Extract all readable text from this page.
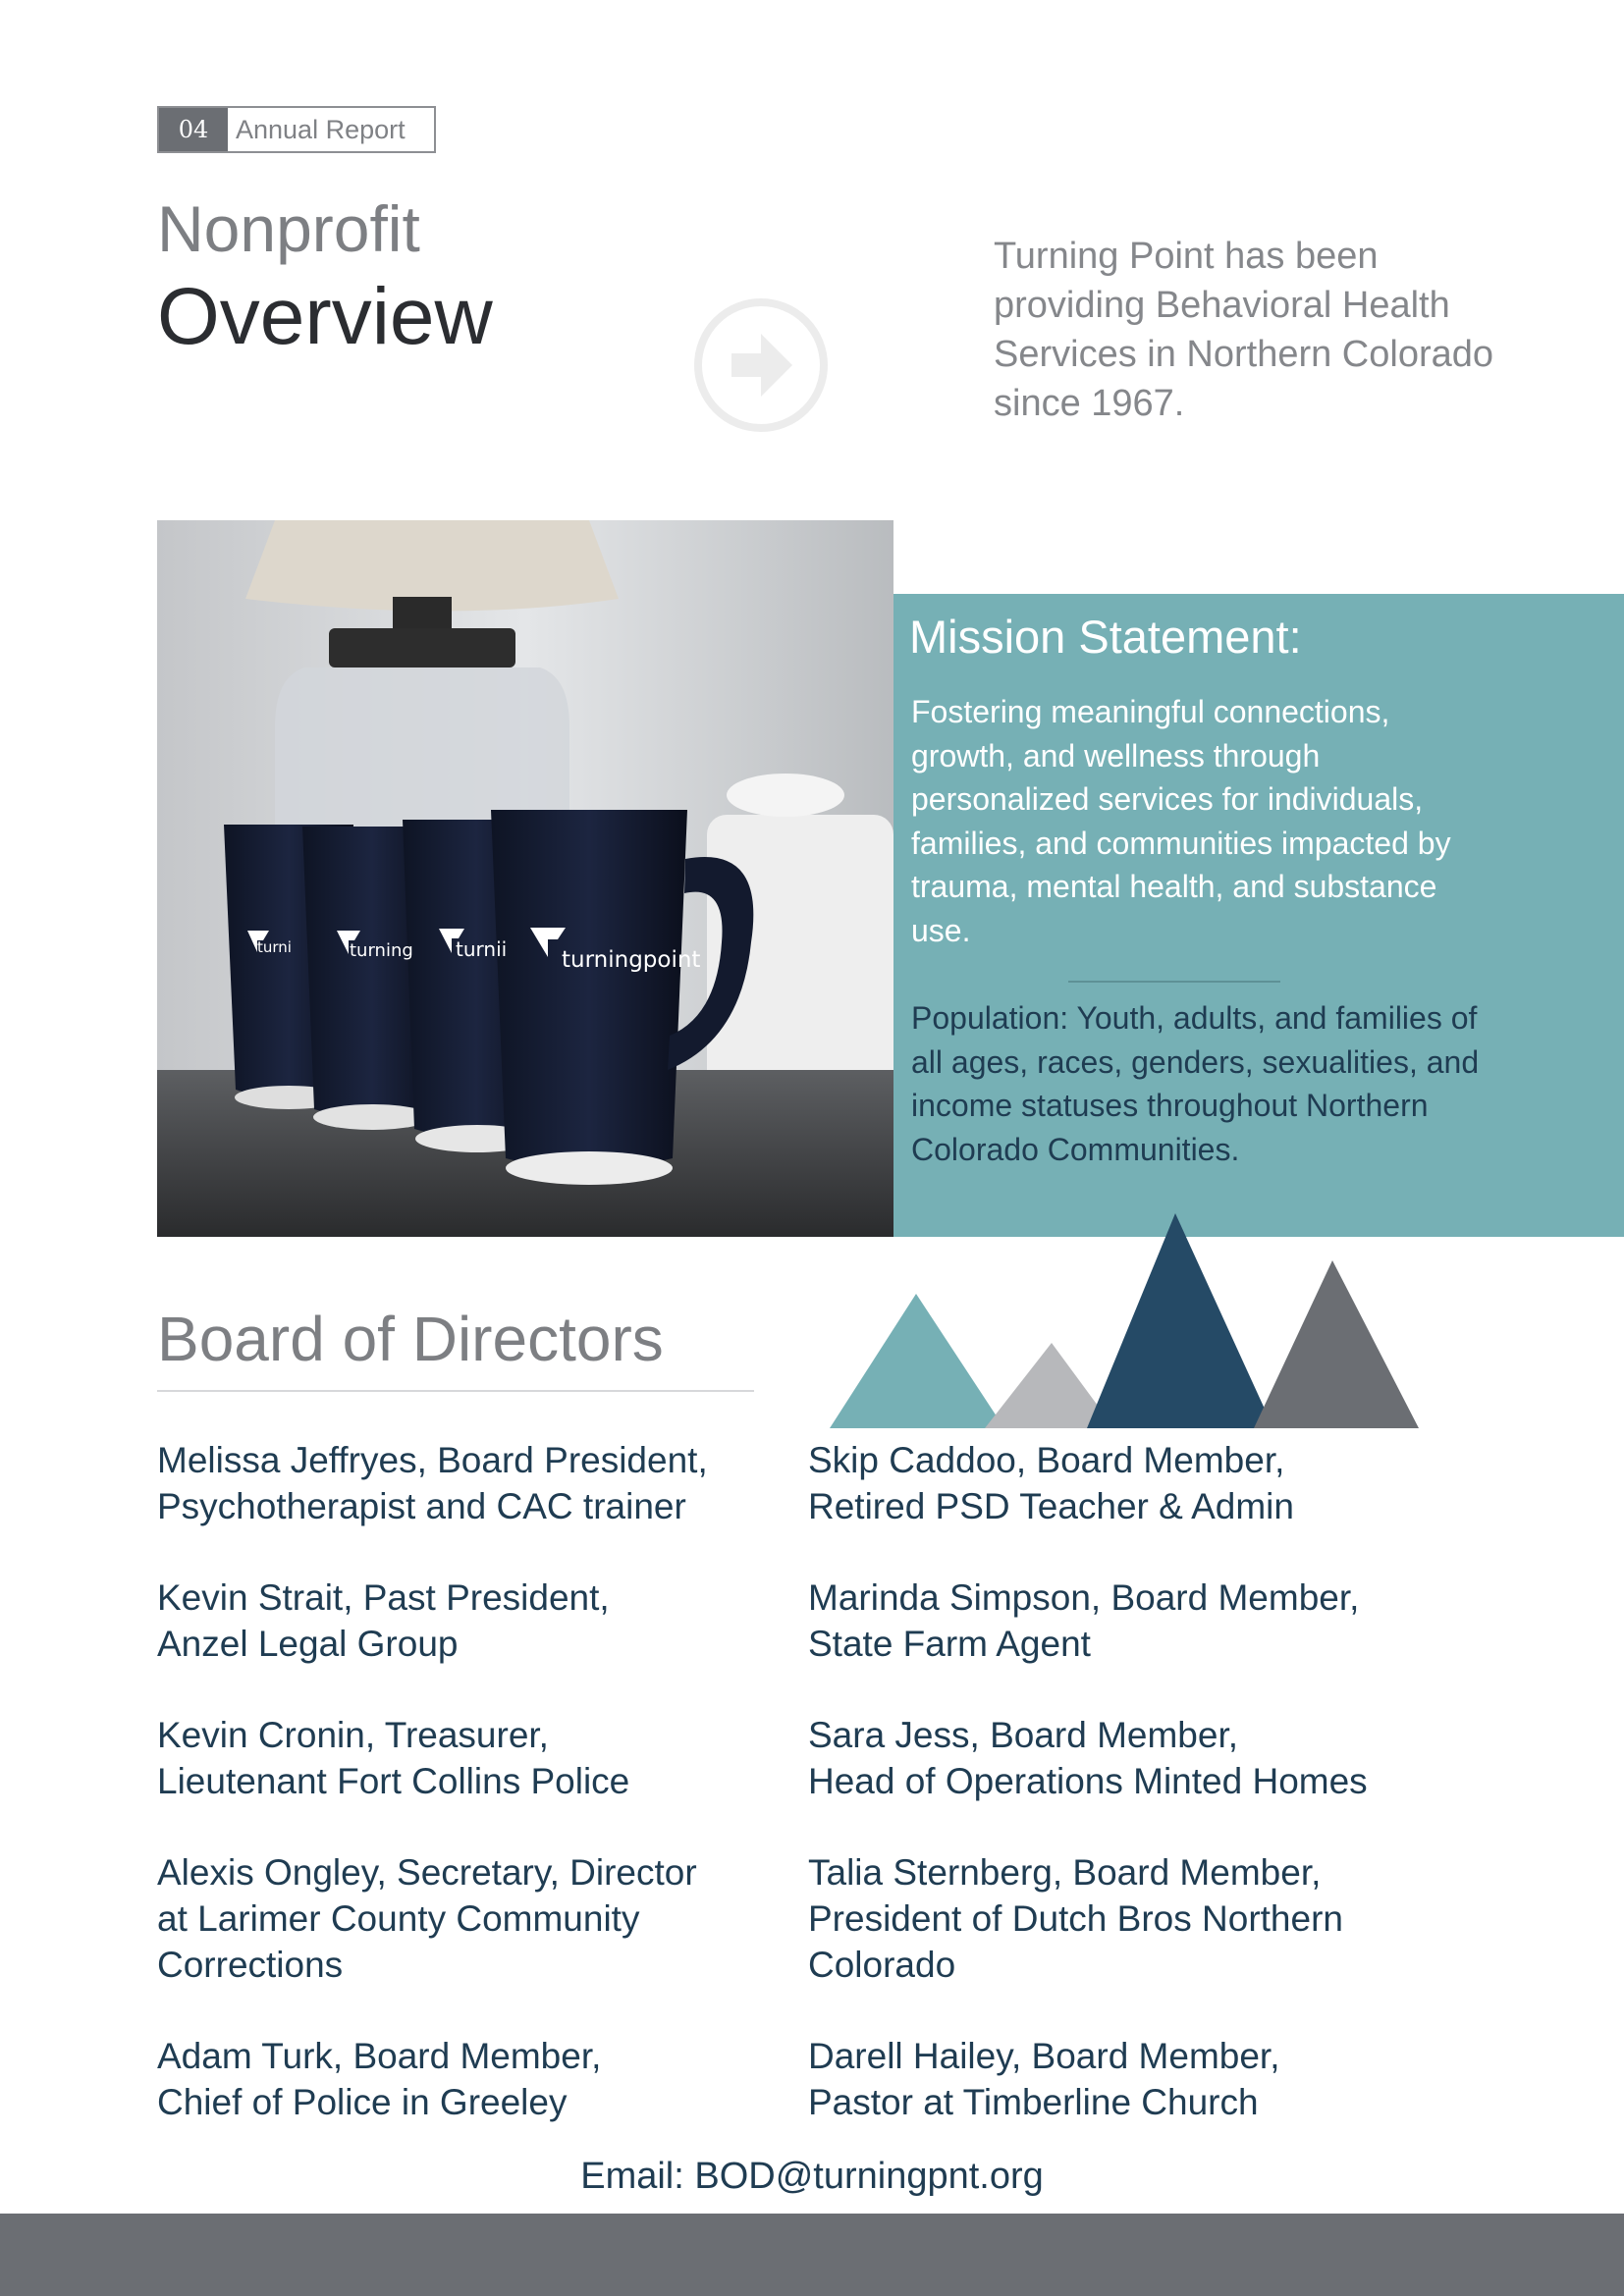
04	Annual Report
Nonprofit
Overview
Turning Point has been providing Behavioral Health Services in Northern Colorado since 1967.
turni	turning turnii turningpoint
Mission Statement:
Fostering meaningful connections, growth, and wellness through personalized services for individuals, families, and communities impacted by trauma, mental health, and substance use.
Population: Youth, adults, and families of all ages, races, genders, sexualities, and income statuses throughout Northern Colorado Communities.
Board of Directors
Melissa Jeffryes, Board President,
Psychotherapist and CAC trainer
Kevin Strait, Past President,
Anzel Legal Group
Kevin Cronin, Treasurer,
Lieutenant Fort Collins Police
Alexis Ongley, Secretary, Director
at Larimer County Community
Corrections
Adam Turk, Board Member,
Chief of Police in Greeley
Skip Caddoo, Board Member,
Retired PSD Teacher & Admin
Marinda Simpson, Board Member,
State Farm Agent
Sara Jess, Board Member,
Head of Operations Minted Homes
Talia Sternberg, Board Member,
President of Dutch Bros Northern
Colorado
Darell Hailey, Board Member,
Pastor at Timberline Church
Email: BOD@turningpnt.org
